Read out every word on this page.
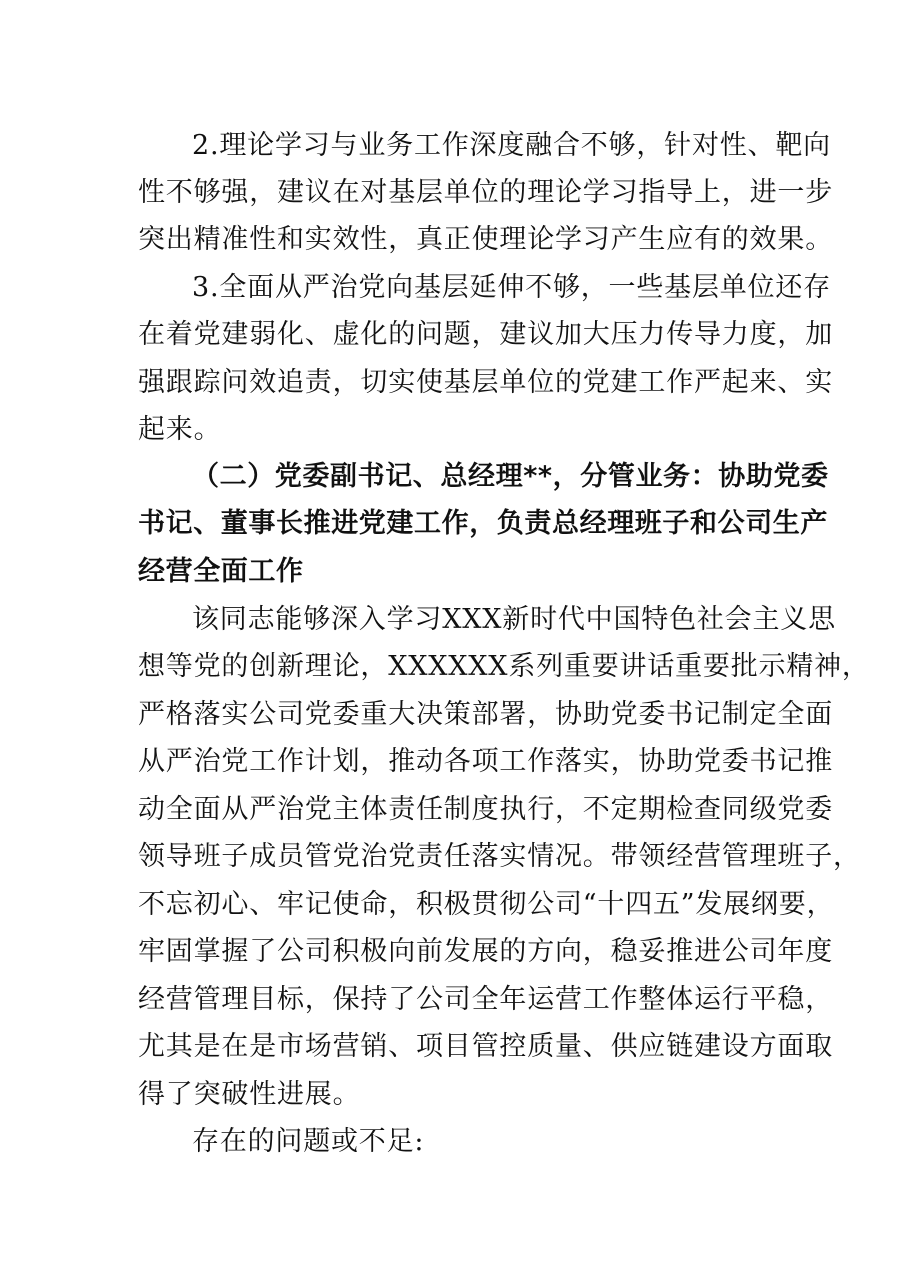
2.理论学习与业务工作深度融合不够，针对性、靶向
性不够强，建议在对基层单位的理论学习指导上，进一步
突出精准性和实效性，真正使理论学习产生应有的效果。
3.全面从严治党向基层延伸不够，一些基层单位还存
在着党建弱化、虚化的问题，建议加大压力传导力度，加
强跟踪问效追责，切实使基层单位的党建工作严起来、实
起来。
（二）党委副书记、总经理**，分管业务：协助党委
书记、董事长推进党建工作，负责总经理班子和公司生产
经营全面工作
该同志能够深入学习XXX新时代中国特色社会主义思
想等党的创新理论，XXXXXX系列重要讲话重要批示精神，
严格落实公司党委重大决策部署，协助党委书记制定全面
从严治党工作计划，推动各项工作落实，协助党委书记推
动全面从严治党主体责任制度执行，不定期检查同级党委
领导班子成员管党治党责任落实情况。带领经营管理班子，
不忘初心、牢记使命，积极贯彻公司“十四五”发展纲要，
牢固掌握了公司积极向前发展的方向，稳妥推进公司年度
经营管理目标，保持了公司全年运营工作整体运行平稳，
尤其是在是市场营销、项目管控质量、供应链建设方面取
得了突破性进展。
存在的问题或不足:
